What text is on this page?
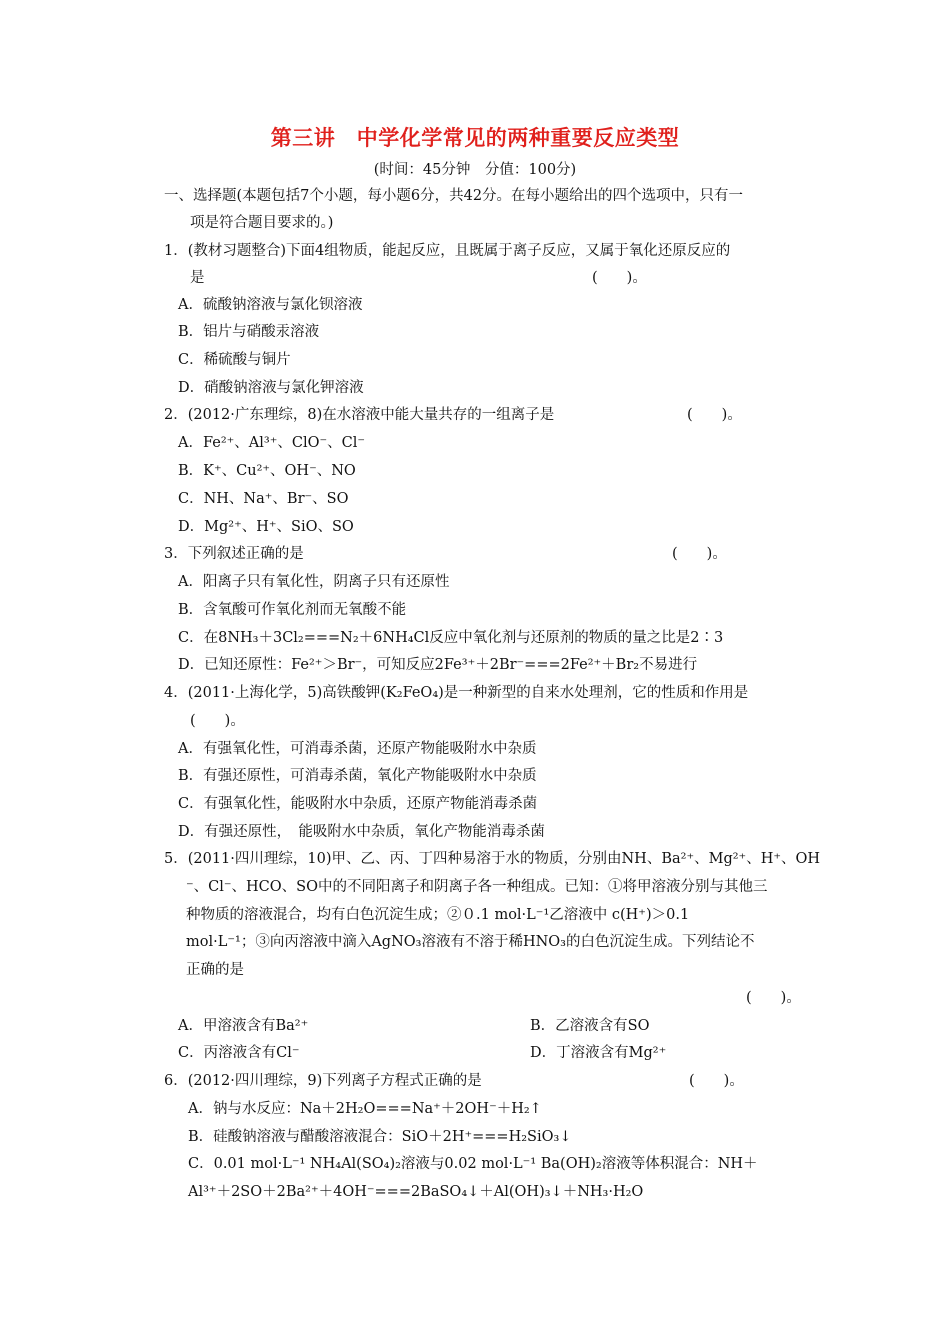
第三讲　中学化学常见的两种重要反应类型
(时间：45分钟　分值：100分)
一、选择题(本题包括7个小题，每小题6分，共42分。在每小题给出的四个选项中，只有一
项是符合题目要求的。)
1．(教材习题整合)下面4组物质，能起反应，且既属于离子反应，又属于氧化还原反应的
是	(　　)。
A．硫酸钠溶液与氯化钡溶液
B．铝片与硝酸汞溶液
C．稀硫酸与铜片
D．硝酸钠溶液与氯化钾溶液
2．(2012·广东理综，8)在水溶液中能大量共存的一组离子是	(　　)。
A．Fe²⁺、Al³⁺、ClO⁻、Cl⁻
B．K⁺、Cu²⁺、OH⁻、NO
C．NH、Na⁺、Br⁻、SO
D．Mg²⁺、H⁺、SiO、SO
3．下列叙述正确的是	(　　)。
A．阳离子只有氧化性，阴离子只有还原性
B．含氧酸可作氧化剂而无氧酸不能
C．在8NH₃＋3Cl₂===N₂＋6NH₄Cl反应中氧化剂与还原剂的物质的量之比是2∶3
D．已知还原性：Fe²⁺＞Br⁻，可知反应2Fe³⁺＋2Br⁻===2Fe²⁺＋Br₂不易进行
4．(2011·上海化学，5)高铁酸钾(K₂FeO₄)是一种新型的自来水处理剂，它的性质和作用是
(　　)。
A．有强氧化性，可消毒杀菌，还原产物能吸附水中杂质
B．有强还原性，可消毒杀菌，氧化产物能吸附水中杂质
C．有强氧化性，能吸附水中杂质，还原产物能消毒杀菌
D．有强还原性，　能吸附水中杂质，氧化产物能消毒杀菌
5．(2011·四川理综，10)甲、乙、丙、丁四种易溶于水的物质，分别由NH、Ba²⁺、Mg²⁺、H⁺、OH
⁻、Cl⁻、HCO、SO中的不同阳离子和阴离子各一种组成。已知：①将甲溶液分别与其他三
种物质的溶液混合，均有白色沉淀生成；②０.1 mol·L⁻¹乙溶液中 c(H⁺)＞0.1
mol·L⁻¹；③向丙溶液中滴入AgNO₃溶液有不溶于稀HNO₃的白色沉淀生成。下列结论不
正确的是
(　　)。
A．甲溶液含有Ba²⁺	B．乙溶液含有SO
C．丙溶液含有Cl⁻	D．丁溶液含有Mg²⁺
6．(2012·四川理综，9)下列离子方程式正确的是	(　　)。
A．钠与水反应：Na＋2H₂O===Na⁺＋2OH⁻＋H₂↑
B．硅酸钠溶液与醋酸溶液混合：SiO＋2H⁺===H₂SiO₃↓
C．0.01 mol·L⁻¹ NH₄Al(SO₄)₂溶液与0.02 mol·L⁻¹ Ba(OH)₂溶液等体积混合：NH＋
Al³⁺＋2SO＋2Ba²⁺＋4OH⁻===2BaSO₄↓＋Al(OH)₃↓＋NH₃·H₂O
